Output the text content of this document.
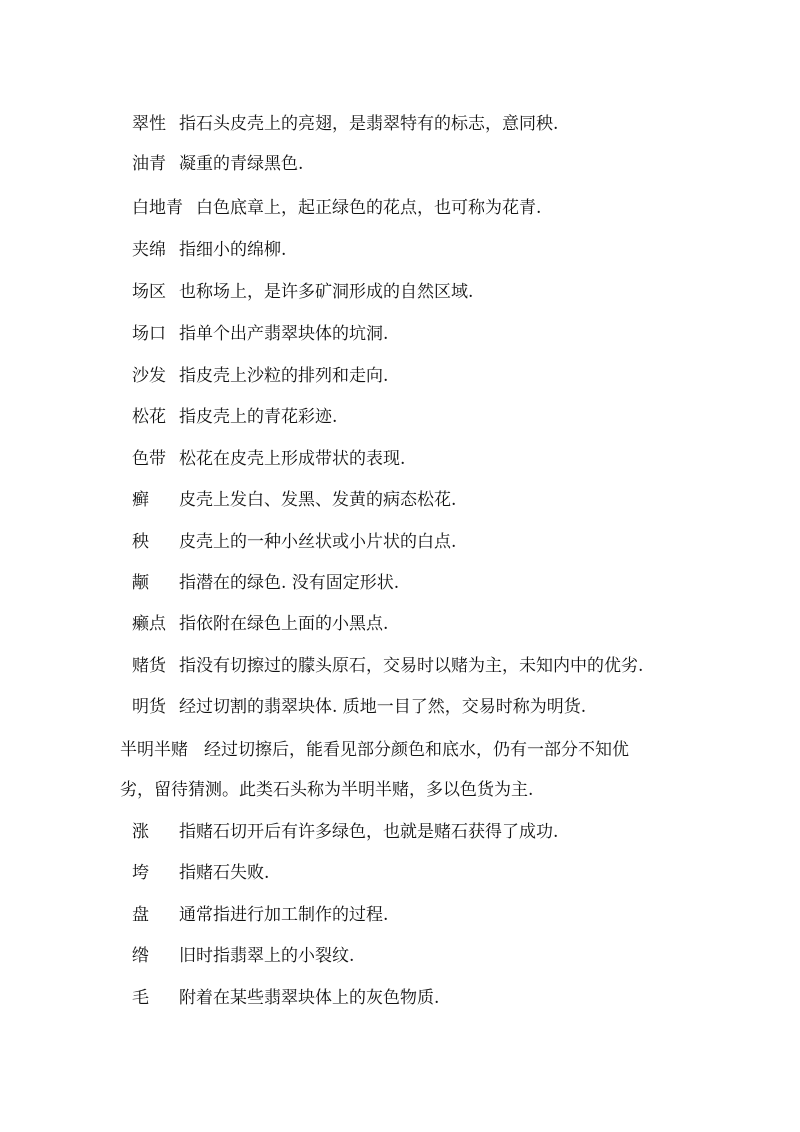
翠性 指石头皮壳上的亮翅，是翡翠特有的标志，意同秧.
油青 凝重的青绿黑色.
白地青 白色底章上，起正绿色的花点，也可称为花青.
夹绵 指细小的绵柳.
场区 也称场上，是许多矿洞形成的自然区域.
场口 指单个出产翡翠块体的坑洞.
沙发 指皮壳上沙粒的排列和走向.
松花 指皮壳上的青花彩迹.
色带 松花在皮壳上形成带状的表现.
癣 皮壳上发白、发黑、发黄的病态松花.
秧 皮壳上的一种小丝状或小片状的白点.
颟 指潜在的绿色. 没有固定形状.
癞点 指依附在绿色上面的小黑点.
赌货 指没有切擦过的朦头原石，交易时以赌为主，未知内中的优劣.
明货 经过切割的翡翠块体. 质地一目了然，交易时称为明货.
半明半赌 经过切擦后，能看见部分颜色和底水，仍有一部分不知优
劣，留待猜测。此类石头称为半明半赌，多以色货为主.
涨 指赌石切开后有许多绿色，也就是赌石获得了成功.
垮 指赌石失败.
盘 通常指进行加工制作的过程.
绺 旧时指翡翠上的小裂纹.
毛 附着在某些翡翠块体上的灰色物质.
